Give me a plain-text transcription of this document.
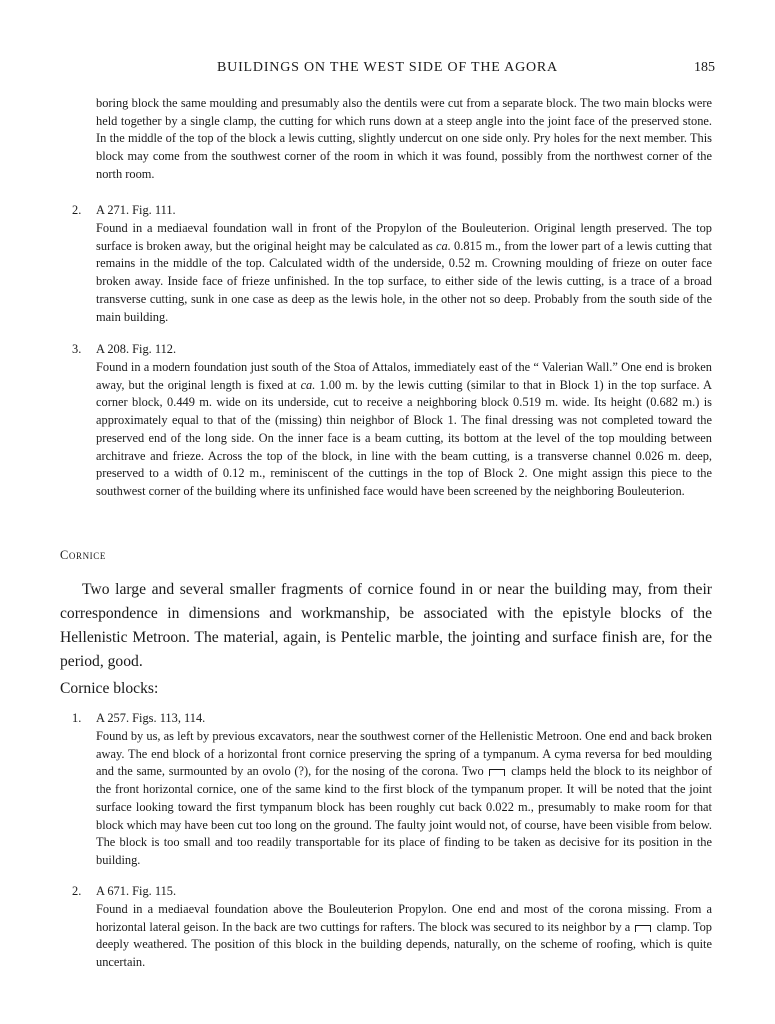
BUILDINGS ON THE WEST SIDE OF THE AGORA	185
boring block the same moulding and presumably also the dentils were cut from a separate block. The two main blocks were held together by a single clamp, the cutting for which runs down at a steep angle into the joint face of the preserved stone. In the middle of the top of the block a lewis cutting, slightly undercut on one side only. Pry holes for the next member. This block may come from the southwest corner of the room in which it was found, possibly from the northwest corner of the north room.
2. A 271. Fig. 111.
Found in a mediaeval foundation wall in front of the Propylon of the Bouleuterion. Original length preserved. The top surface is broken away, but the original height may be calculated as ca. 0.815 m., from the lower part of a lewis cutting that remains in the middle of the top. Calculated width of the underside, 0.52 m. Crowning moulding of frieze on outer face broken away. Inside face of frieze unfinished. In the top surface, to either side of the lewis cutting, is a trace of a broad transverse cutting, sunk in one case as deep as the lewis hole, in the other not so deep. Probably from the south side of the main building.
3. A 208. Fig. 112.
Found in a modern foundation just south of the Stoa of Attalos, immediately east of the “ Valerian Wall.” One end is broken away, but the original length is fixed at ca. 1.00 m. by the lewis cutting (similar to that in Block 1) in the top surface. A corner block, 0.449 m. wide on its underside, cut to receive a neighboring block 0.519 m. wide. Its height (0.682 m.) is approximately equal to that of the (missing) thin neighbor of Block 1. The final dressing was not completed toward the preserved end of the long side. On the inner face is a beam cutting, its bottom at the level of the top moulding between architrave and frieze. Across the top of the block, in line with the beam cutting, is a transverse channel 0.026 m. deep, preserved to a width of 0.12 m., reminiscent of the cuttings in the top of Block 2. One might assign this piece to the southwest corner of the building where its unfinished face would have been screened by the neighboring Bouleuterion.
Cornice
Two large and several smaller fragments of cornice found in or near the building may, from their correspondence in dimensions and workmanship, be associated with the epistyle blocks of the Hellenistic Metroon. The material, again, is Pentelic marble, the jointing and surface finish are, for the period, good.
Cornice blocks:
1. A 257. Figs. 113, 114.
Found by us, as left by previous excavators, near the southwest corner of the Hellenistic Metroon. One end and back broken away. The end block of a horizontal front cornice preserving the spring of a tympanum. A cyma reversa for bed moulding and the same, surmounted by an ovolo (?), for the nosing of the corona. Two clamps held the block to its neighbor of the front horizontal cornice, one of the same kind to the first block of the tympanum proper. It will be noted that the joint surface looking toward the first tympanum block has been roughly cut back 0.022 m., presumably to make room for that block which may have been cut too long on the ground. The faulty joint would not, of course, have been visible from below. The block is too small and too readily transportable for its place of finding to be taken as decisive for its position in the building.
2. A 671. Fig. 115.
Found in a mediaeval foundation above the Bouleuterion Propylon. One end and most of the corona missing. From a horizontal lateral geison. In the back are two cuttings for rafters. The block was secured to its neighbor by a clamp. Top deeply weathered. The position of this block in the building depends, naturally, on the scheme of roofing, which is quite uncertain.
